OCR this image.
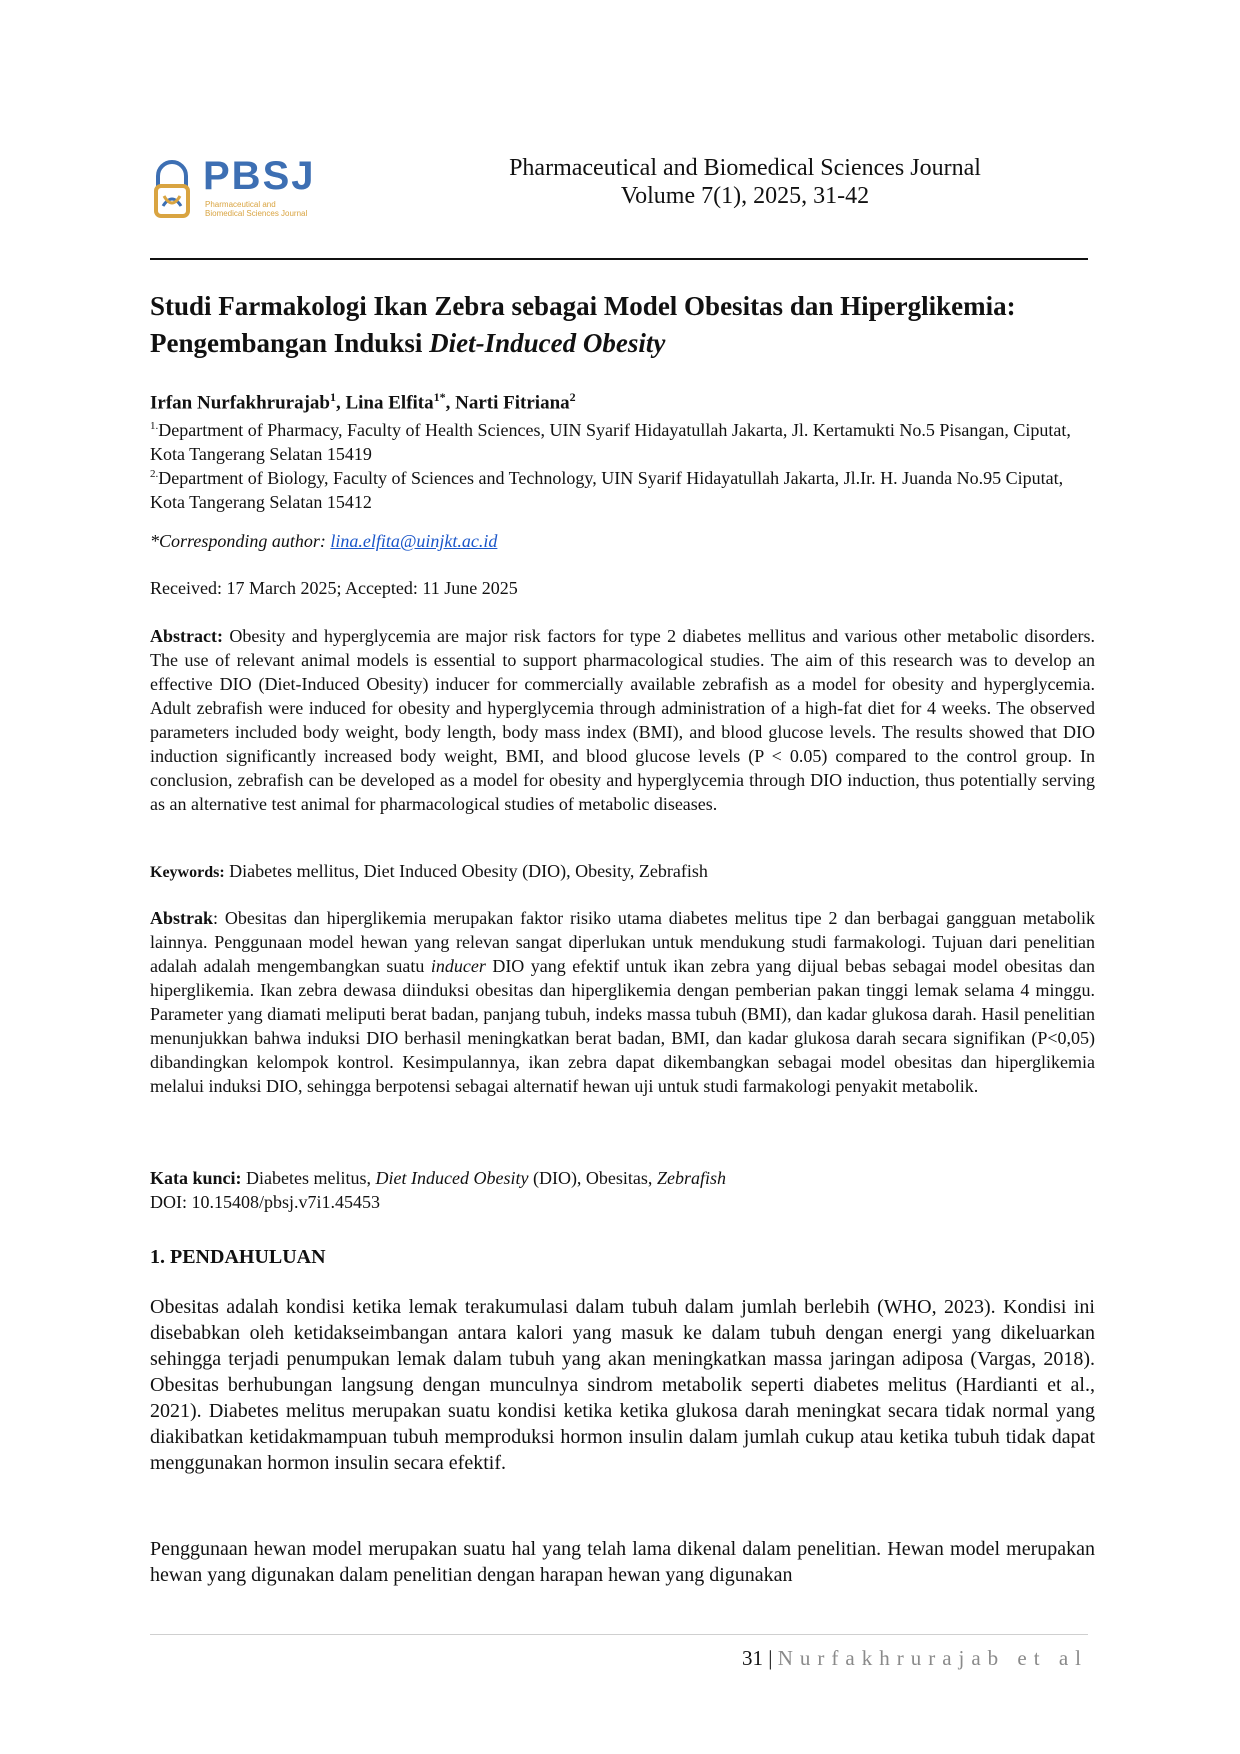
PBSJ
Pharmaceutical and Biomedical Sciences Journal
Pharmaceutical and Biomedical Sciences Journal
Volume 7(1), 2025, 31-42
Studi Farmakologi Ikan Zebra sebagai Model Obesitas dan Hiperglikemia:
Pengembangan Induksi Diet-Induced Obesity
Irfan Nurfakhrurajab$^1$, Lina Elfita$^{1*}$, Narti Fitriana$^2$
$^{1.}$Department of Pharmacy, Faculty of Health Sciences, UIN Syarif Hidayatullah Jakarta, Jl. Kertamukti No.5 Pisangan, Ciputat, Kota Tangerang Selatan 15419
$^{2.}$Department of Biology, Faculty of Sciences and Technology, UIN Syarif Hidayatullah Jakarta, Jl.Ir. H. Juanda No.95 Ciputat, Kota Tangerang Selatan 15412
*Corresponding author: lina.elfita@uinjkt.ac.id
Received: 17 March 2025; Accepted: 11 June 2025
Abstract: Obesity and hyperglycemia are major risk factors for type 2 diabetes mellitus and various other metabolic disorders. The use of relevant animal models is essential to support pharmacological studies. The aim of this research was to develop an effective DIO (Diet-Induced Obesity) inducer for commercially available zebrafish as a model for obesity and hyperglycemia. Adult zebrafish were induced for obesity and hyperglycemia through administration of a high-fat diet for 4 weeks. The observed parameters included body weight, body length, body mass index (BMI), and blood glucose levels. The results showed that DIO induction significantly increased body weight, BMI, and blood glucose levels (P < 0.05) compared to the control group. In conclusion, zebrafish can be developed as a model for obesity and hyperglycemia through DIO induction, thus potentially serving as an alternative test animal for pharmacological studies of metabolic diseases.
Keywords: Diabetes mellitus, Diet Induced Obesity (DIO), Obesity, Zebrafish
Abstrak: Obesitas dan hiperglikemia merupakan faktor risiko utama diabetes melitus tipe 2 dan berbagai gangguan metabolik lainnya. Penggunaan model hewan yang relevan sangat diperlukan untuk mendukung studi farmakologi. Tujuan dari penelitian adalah adalah mengembangkan suatu inducer DIO yang efektif untuk ikan zebra yang dijual bebas sebagai model obesitas dan hiperglikemia. Ikan zebra dewasa diinduksi obesitas dan hiperglikemia dengan pemberian pakan tinggi lemak selama 4 minggu. Parameter yang diamati meliputi berat badan, panjang tubuh, indeks massa tubuh (BMI), dan kadar glukosa darah. Hasil penelitian menunjukkan bahwa induksi DIO berhasil meningkatkan berat badan, BMI, dan kadar glukosa darah secara signifikan (P<0,05) dibandingkan kelompok kontrol. Kesimpulannya, ikan zebra dapat dikembangkan sebagai model obesitas dan hiperglikemia melalui induksi DIO, sehingga berpotensi sebagai alternatif hewan uji untuk studi farmakologi penyakit metabolik.
Kata kunci: Diabetes melitus, Diet Induced Obesity (DIO), Obesitas, Zebrafish
DOI: 10.15408/pbsj.v7i1.45453
1. PENDAHULUAN
Obesitas adalah kondisi ketika lemak terakumulasi dalam tubuh dalam jumlah berlebih (WHO, 2023). Kondisi ini disebabkan oleh ketidakseimbangan antara kalori yang masuk ke dalam tubuh dengan energi yang dikeluarkan sehingga terjadi penumpukan lemak dalam tubuh yang akan meningkatkan massa jaringan adiposa (Vargas, 2018). Obesitas berhubungan langsung dengan munculnya sindrom metabolik seperti diabetes melitus (Hardianti et al., 2021). Diabetes melitus merupakan suatu kondisi ketika ketika glukosa darah meningkat secara tidak normal yang diakibatkan ketidakmampuan tubuh memproduksi hormon insulin dalam jumlah cukup atau ketika tubuh tidak dapat menggunakan hormon insulin secara efektif.
Penggunaan hewan model merupakan suatu hal yang telah lama dikenal dalam penelitian. Hewan model merupakan hewan yang digunakan dalam penelitian dengan harapan hewan yang digunakan
31 | Nurfakhrurajab et al
